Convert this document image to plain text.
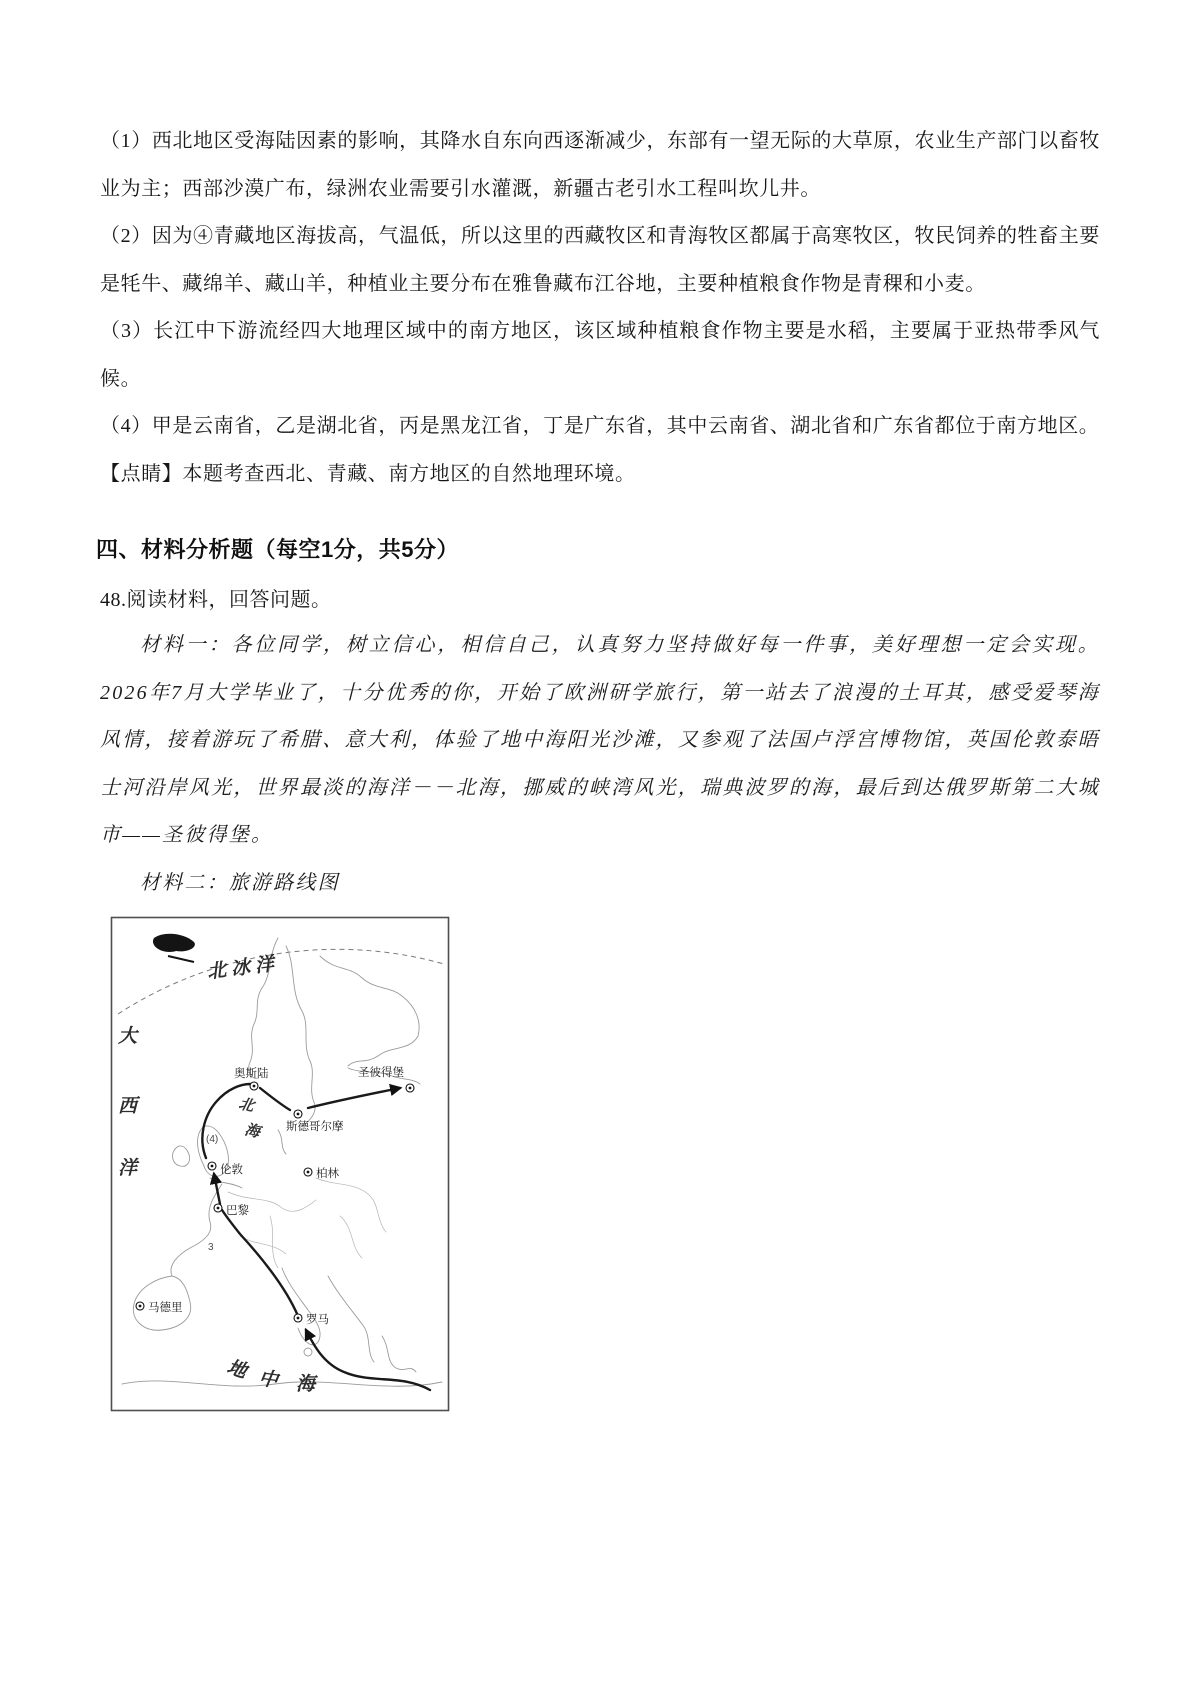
（1）西北地区受海陆因素的影响，其降水自东向西逐渐减少，东部有一望无际的大草原，农业生产部门以畜牧业为主；西部沙漠广布，绿洲农业需要引水灌溉，新疆古老引水工程叫坎儿井。

（2）因为④青藏地区海拔高，气温低，所以这里的西藏牧区和青海牧区都属于高寒牧区，牧民饲养的牲畜主要是牦牛、藏绵羊、藏山羊，种植业主要分布在雅鲁藏布江谷地，主要种植粮食作物是青稞和小麦。

（3）长江中下游流经四大地理区域中的南方地区，该区域种植粮食作物主要是水稻，主要属于亚热带季风气候。

（4）甲是云南省，乙是湖北省，丙是黑龙江省，丁是广东省，其中云南省、湖北省和广东省都位于南方地区。

【点睛】本题考查西北、青藏、南方地区的自然地理环境。

四、材料分析题（每空1分，共5分）

48.阅读材料，回答问题。

材料一：各位同学，树立信心，相信自己，认真努力坚持做好每一件事，美好理想一定会实现。2026年7月大学毕业了，十分优秀的你，开始了欧洲研学旅行，第一站去了浪漫的土耳其，感受爱琴海风情，接着游玩了希腊、意大利，体验了地中海阳光沙滩，又参观了法国卢浮宫博物馆，英国伦敦泰晤士河沿岸风光，世界最淡的海洋－－北海，挪威的峡湾风光，瑞典波罗的海，最后到达俄罗斯第二大城市——圣彼得堡。

材料二：旅游路线图

北冰洋
大
西
洋
北
海
地 中 海
奥斯陆
斯德哥尔摩
圣彼得堡
伦敦	柏林
巴黎
马德里
罗马
(4)
3
